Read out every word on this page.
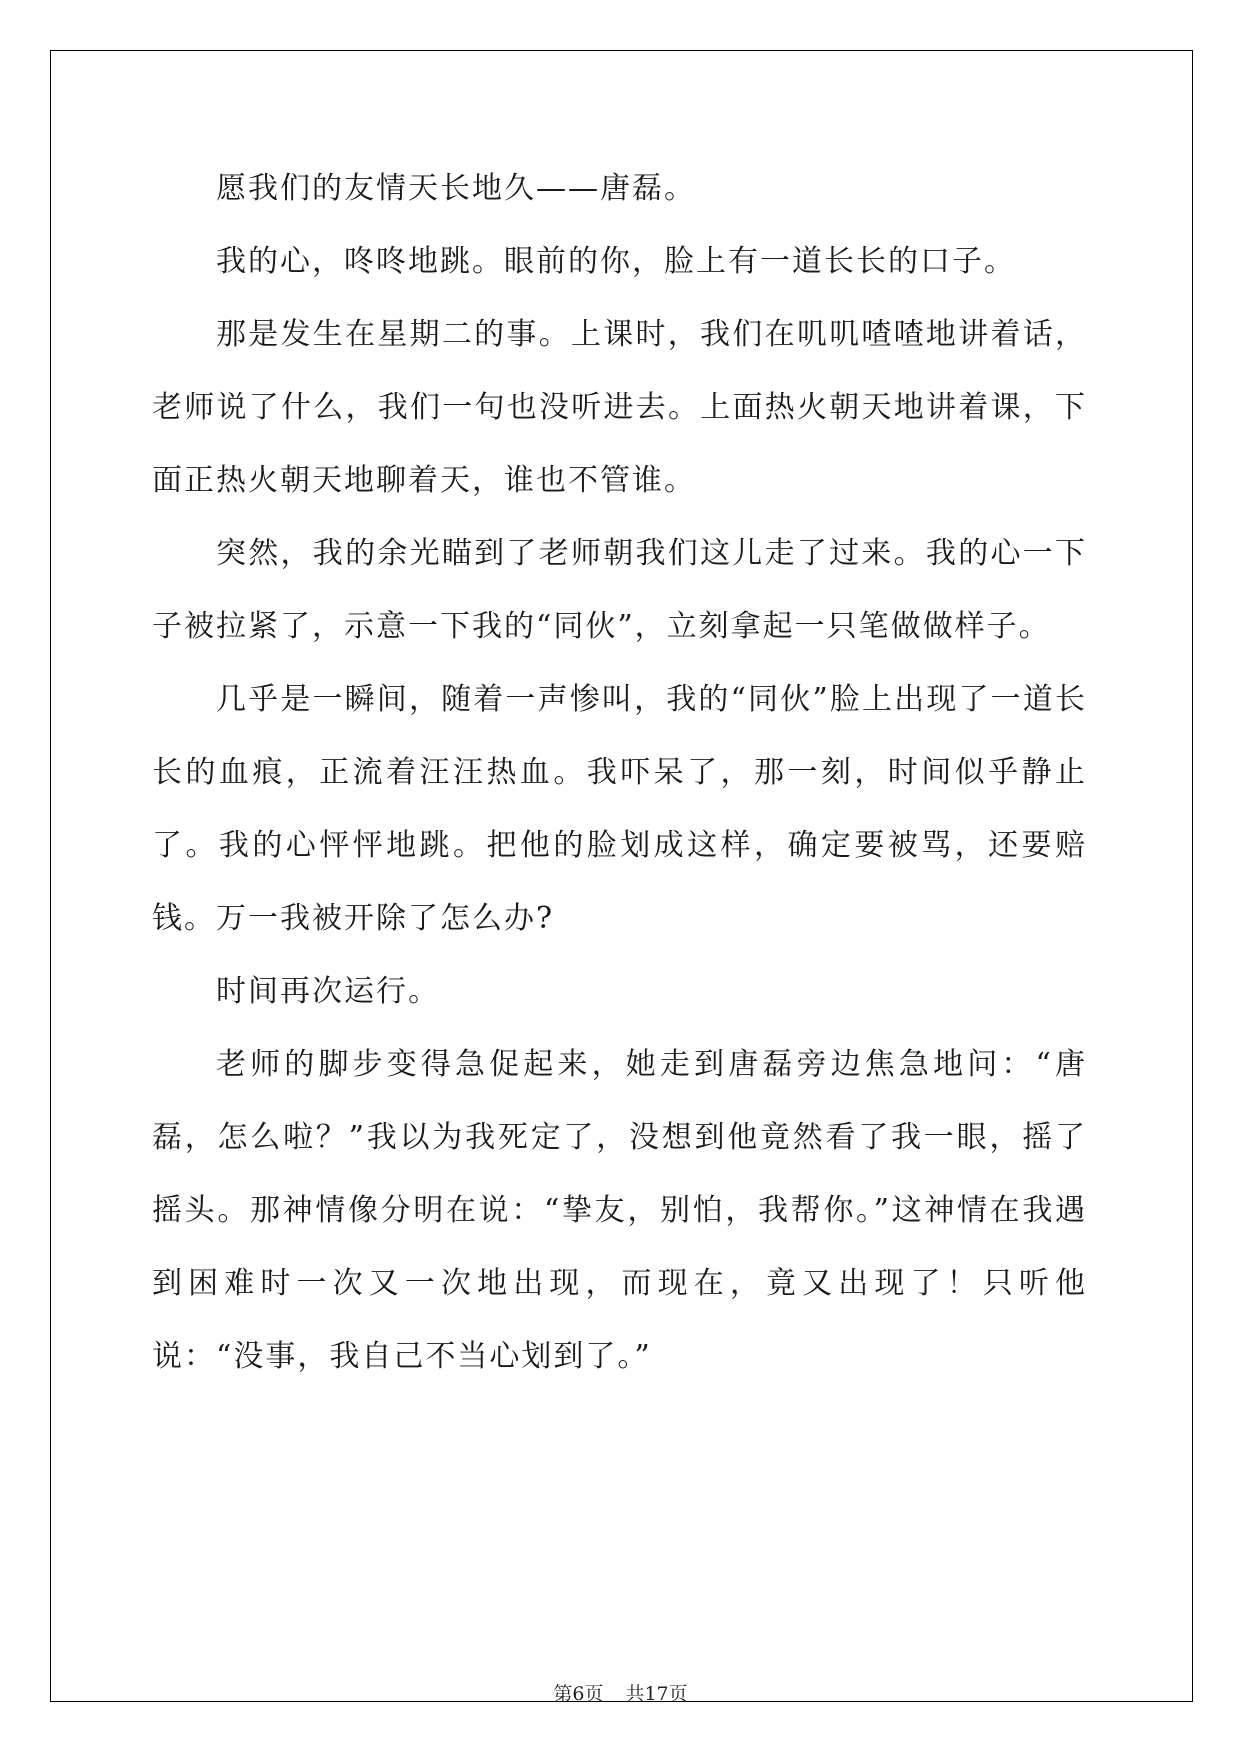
愿我们的友情天长地久——唐磊。

我的心，咚咚地跳。眼前的你，脸上有一道长长的口子。

那是发生在星期二的事。上课时，我们在叽叽喳喳地讲着话，老师说了什么，我们一句也没听进去。上面热火朝天地讲着课，下面正热火朝天地聊着天，谁也不管谁。

突然，我的余光瞄到了老师朝我们这儿走了过来。我的心一下子被拉紧了，示意一下我的“同伙”，立刻拿起一只笔做做样子。

几乎是一瞬间，随着一声惨叫，我的“同伙”脸上出现了一道长长的血痕，正流着汪汪热血。我吓呆了，那一刻，时间似乎静止了。我的心怦怦地跳。把他的脸划成这样，确定要被骂，还要赔钱。万一我被开除了怎么办?

时间再次运行。

老师的脚步变得急促起来，她走到唐磊旁边焦急地问：“唐磊，怎么啦？”我以为我死定了，没想到他竟然看了我一眼，摇了摇头。那神情像分明在说：“挚友，别怕，我帮你。”这神情在我遇到困难时一次又一次地出现，而现在，竟又出现了！只听他说：“没事，我自己不当心划到了。”

第6页 共17页
